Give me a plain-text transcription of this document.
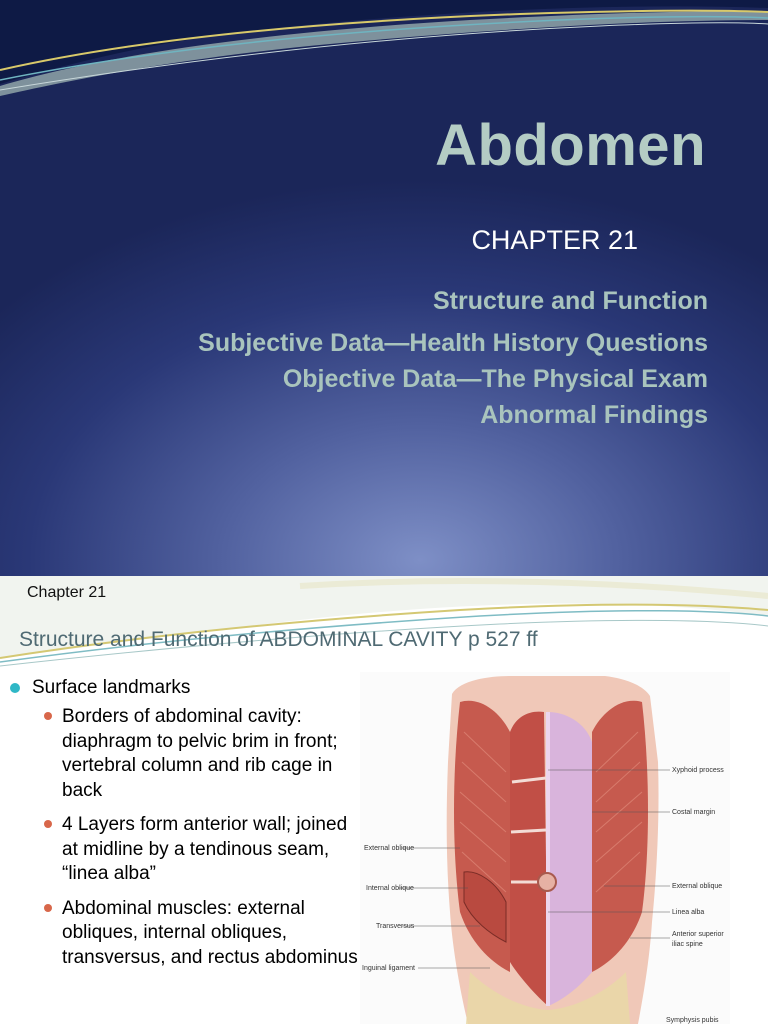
Abdomen
CHAPTER 21
Structure and Function
Subjective Data—Health History Questions
Objective Data—The Physical Exam
Abnormal Findings
Chapter 21
Structure and Function of ABDOMINAL CAVITY p 527 ff
Surface landmarks
Borders of abdominal cavity: diaphragm to pelvic brim in front; vertebral column and rib cage in back
4 Layers form anterior wall; joined at midline by a tendinous seam, “linea alba”
Abdominal muscles: external obliques, internal obliques, transversus, and rectus abdominus
Xyphoid process
Costal margin
External oblique
Internal oblique	External oblique
Linea alba
Transversus
Anterior superior
iliac spine
Inguinal ligament
Symphysis pubis
